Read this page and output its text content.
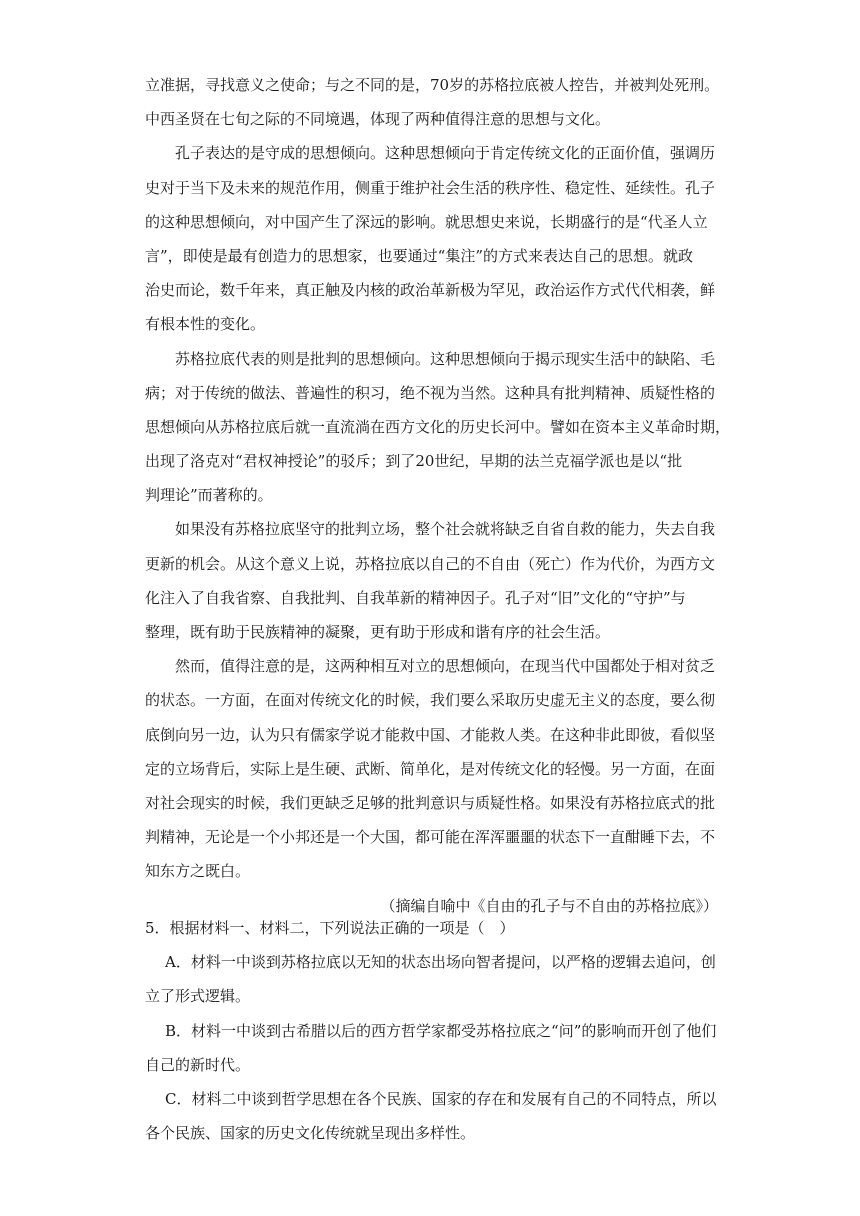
立准据，寻找意义之使命；与之不同的是，70岁的苏格拉底被人控告，并被判处死刑。
中西圣贤在七旬之际的不同境遇，体现了两种值得注意的思想与文化。
　　孔子表达的是守成的思想倾向。这种思想倾向于肯定传统文化的正面价值，强调历
史对于当下及未来的规范作用，侧重于维护社会生活的秩序性、稳定性、延续性。孔子
的这种思想倾向，对中国产生了深远的影响。就思想史来说，长期盛行的是“代圣人立
言”，即使是最有创造力的思想家，也要通过“集注”的方式来表达自己的思想。就政
治史而论，数千年来，真正触及内核的政治革新极为罕见，政治运作方式代代相袭，鲜
有根本性的变化。
　　苏格拉底代表的则是批判的思想倾向。这种思想倾向于揭示现实生活中的缺陷、毛
病；对于传统的做法、普遍性的积习，绝不视为当然。这种具有批判精神、质疑性格的
思想倾向从苏格拉底后就一直流淌在西方文化的历史长河中。譬如在资本主义革命时期，
出现了洛克对“君权神授论”的驳斥；到了20世纪，早期的法兰克福学派也是以“批
判理论”而著称的。
　　如果没有苏格拉底坚守的批判立场，整个社会就将缺乏自省自救的能力，失去自我
更新的机会。从这个意义上说，苏格拉底以自己的不自由（死亡）作为代价，为西方文
化注入了自我省察、自我批判、自我革新的精神因子。孔子对“旧”文化的“守护”与
整理，既有助于民族精神的凝聚，更有助于形成和谐有序的社会生活。
　　然而，值得注意的是，这两种相互对立的思想倾向，在现当代中国都处于相对贫乏
的状态。一方面，在面对传统文化的时候，我们要么采取历史虚无主义的态度，要么彻
底倒向另一边，认为只有儒家学说才能救中国、才能救人类。在这种非此即彼，看似坚
定的立场背后，实际上是生硬、武断、简单化，是对传统文化的轻慢。另一方面，在面
对社会现实的时候，我们更缺乏足够的批判意识与质疑性格。如果没有苏格拉底式的批
判精神，无论是一个小邦还是一个大国，都可能在浑浑噩噩的状态下一直酣睡下去，不
知东方之既白。
（摘编自喻中《自由的孔子与不自由的苏格拉底》）
5．根据材料一、材料二，下列说法正确的一项是（　）
A．材料一中谈到苏格拉底以无知的状态出场向智者提问，以严格的逻辑去追问，创
立了形式逻辑。
B．材料一中谈到古希腊以后的西方哲学家都受苏格拉底之“问”的影响而开创了他们
自己的新时代。
C．材料二中谈到哲学思想在各个民族、国家的存在和发展有自己的不同特点，所以
各个民族、国家的历史文化传统就呈现出多样性。
